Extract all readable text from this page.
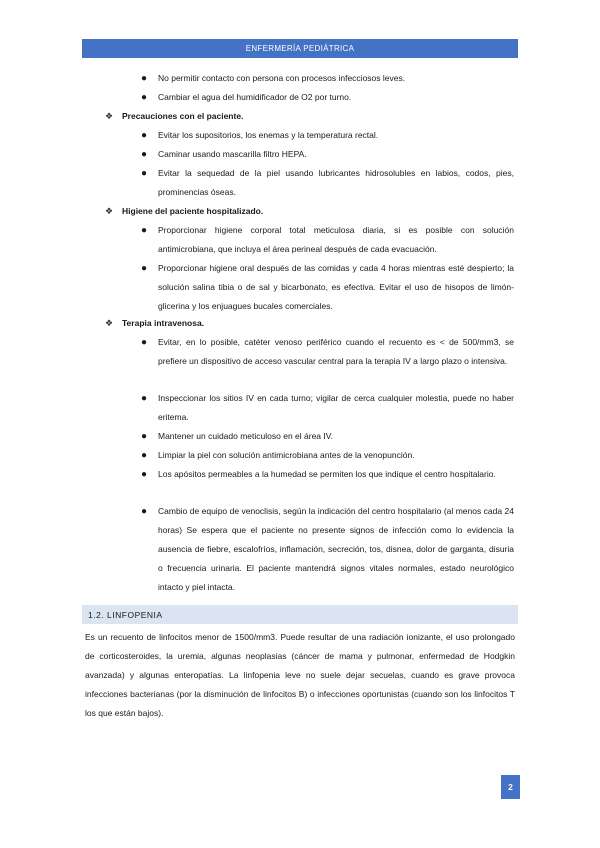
ENFERMERÍA PEDIÁTRICA
● No permitir contacto con persona con procesos infecciosos leves.
● Cambiar el agua del humidificador de O2 por turno.
❖ Precauciones con el paciente.
● Evitar los supositorios, los enemas y la temperatura rectal.
● Caminar usando mascarilla filtro HEPA.
● Evitar la sequedad de la piel usando lubricantes hidrosolubles en labios, codos, pies, prominencias óseas.
❖ Higiene del paciente hospitalizado.
● Proporcionar higiene corporal total meticulosa diaria, si es posible con solución antimicrobiana, que incluya el área perineal después de cada evacuación.
● Proporcionar higiene oral después de las comidas y cada 4 horas mientras esté despierto; la solución salina tibia o de sal y bicarbonato, es efectiva. Evitar el uso de hisopos de limón-glicerina y los enjuagues bucales comerciales.
❖ Terapia intravenosa.
● Evitar, en lo posible, catéter venoso periférico cuando el recuento es < de 500/mm3, se prefiere un dispositivo de acceso vascular central para la terapia IV a largo plazo o intensiva.
● Inspeccionar los sitios IV en cada turno; vigilar de cerca cualquier molestia, puede no haber eritema.
● Mantener un cuidado meticuloso en el área IV.
● Limpiar la piel con solución antimicrobiana antes de la venopunción.
● Los apósitos permeables a la humedad se permiten los que indique el centro hospitalario.
● Cambio de equipo de venoclisis, según la indicación del centro hospitalario (al menos cada 24 horas) Se espera que el paciente no presente signos de infección como lo evidencia la ausencia de fiebre, escalofríos, inflamación, secreción, tos, disnea, dolor de garganta, disuria o frecuencia urinaria. El paciente mantendrá signos vitales normales, estado neurológico intacto y piel intacta.
1.2. LINFOPENIA
Es un recuento de linfocitos menor de 1500/mm3. Puede resultar de una radiación ionizante, el uso prolongado de corticosteroides, la uremia, algunas neoplasias (cáncer de mama y pulmonar, enfermedad de Hodgkin avanzada) y algunas enteropatías. La linfopenia leve no suele dejar secuelas, cuando es grave provoca infecciones bacterianas (por la disminución de linfocitos B) o infecciones oportunistas (cuando son los linfocitos T los que están bajos).
2
